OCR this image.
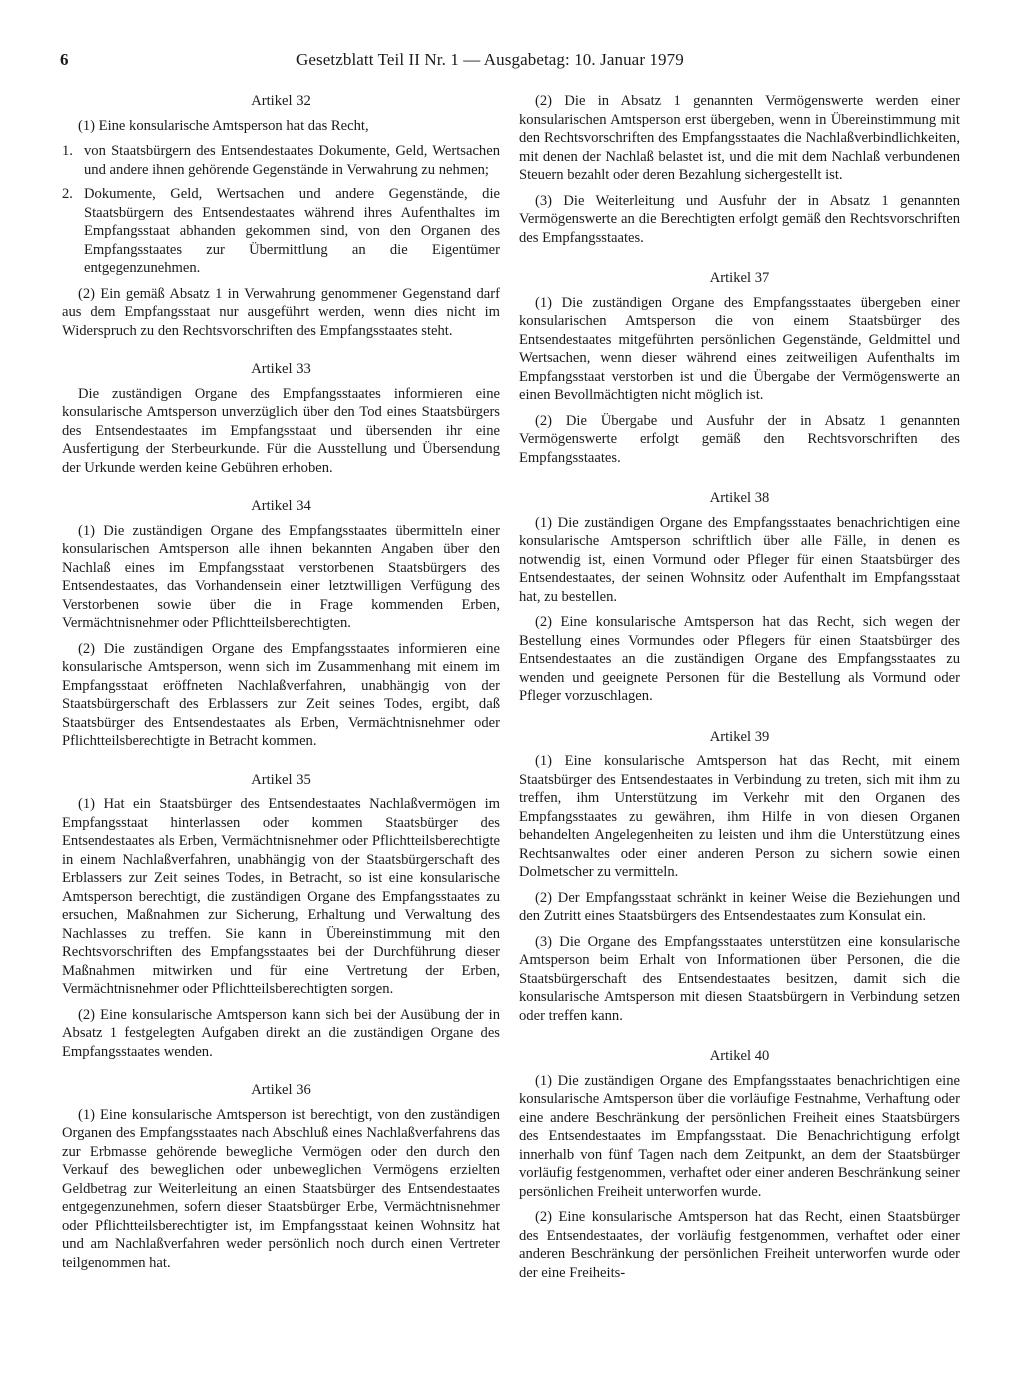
6	Gesetzblatt Teil II Nr. 1 — Ausgabetag: 10. Januar 1979
Artikel 32

(1) Eine konsularische Amtsperson hat das Recht,

1. von Staatsbürgern des Entsendestaates Dokumente, Geld, Wertsachen und andere ihnen gehörende Gegenstände in Verwahrung zu nehmen;
2. Dokumente, Geld, Wertsachen und andere Gegenstände, die Staatsbürgern des Entsendestaates während ihres Aufenthaltes im Empfangsstaat abhanden gekommen sind, von den Organen des Empfangsstaates zur Übermittlung an die Eigentümer entgegenzunehmen.

(2) Ein gemäß Absatz 1 in Verwahrung genommener Gegenstand darf aus dem Empfangsstaat nur ausgeführt werden, wenn dies nicht im Widerspruch zu den Rechtsvorschriften des Empfangsstaates steht.

Artikel 33

Die zuständigen Organe des Empfangsstaates informieren eine konsularische Amtsperson unverzüglich über den Tod eines Staatsbürgers des Entsendestaates im Empfangsstaat und übersenden ihr eine Ausfertigung der Sterbeurkunde. Für die Ausstellung und Übersendung der Urkunde werden keine Gebühren erhoben.

Artikel 34

(1) Die zuständigen Organe des Empfangsstaates übermitteln einer konsularischen Amtsperson alle ihnen bekannten Angaben über den Nachlaß eines im Empfangsstaat verstorbenen Staatsbürgers des Entsendestaates, das Vorhandensein einer letztwilligen Verfügung des Verstorbenen sowie über die in Frage kommenden Erben, Vermächtnisnehmer oder Pflichtteilsberechtigten.

(2) Die zuständigen Organe des Empfangsstaates informieren eine konsularische Amtsperson, wenn sich im Zusammenhang mit einem im Empfangsstaat eröffneten Nachlaßverfahren, unabhängig von der Staatsbürgerschaft des Erblassers zur Zeit seines Todes, ergibt, daß Staatsbürger des Entsendestaates als Erben, Vermächtnisnehmer oder Pflichtteilsberechtigte in Betracht kommen.

Artikel 35

(1) Hat ein Staatsbürger des Entsendestaates Nachlaßvermögen im Empfangsstaat hinterlassen oder kommen Staatsbürger des Entsendestaates als Erben, Vermächtnisnehmer oder Pflichtteilsberechtigte in einem Nachlaßverfahren, unabhängig von der Staatsbürgerschaft des Erblassers zur Zeit seines Todes, in Betracht, so ist eine konsularische Amtsperson berechtigt, die zuständigen Organe des Empfangsstaates zu ersuchen, Maßnahmen zur Sicherung, Erhaltung und Verwaltung des Nachlasses zu treffen. Sie kann in Übereinstimmung mit den Rechtsvorschriften des Empfangsstaates bei der Durchführung dieser Maßnahmen mitwirken und für eine Vertretung der Erben, Vermächtnisnehmer oder Pflichtteilsberechtigten sorgen.

(2) Eine konsularische Amtsperson kann sich bei der Ausübung der in Absatz 1 festgelegten Aufgaben direkt an die zuständigen Organe des Empfangsstaates wenden.

Artikel 36

(1) Eine konsularische Amtsperson ist berechtigt, von den zuständigen Organen des Empfangsstaates nach Abschluß eines Nachlaßverfahrens das zur Erbmasse gehörende bewegliche Vermögen oder den durch den Verkauf des beweglichen oder unbeweglichen Vermögens erzielten Geldbetrag zur Weiterleitung an einen Staatsbürger des Entsendestaates entgegenzunehmen, sofern dieser Staatsbürger Erbe, Vermächtnisnehmer oder Pflichtteilsberechtigter ist, im Empfangsstaat keinen Wohnsitz hat und am Nachlaßverfahren weder persönlich noch durch einen Vertreter teilgenommen hat.

(2) Die in Absatz 1 genannten Vermögenswerte werden einer konsularischen Amtsperson erst übergeben, wenn in Übereinstimmung mit den Rechtsvorschriften des Empfangsstaates die Nachlaßverbindlichkeiten, mit denen der Nachlaß belastet ist, und die mit dem Nachlaß verbundenen Steuern bezahlt oder deren Bezahlung sichergestellt ist.

(3) Die Weiterleitung und Ausfuhr der in Absatz 1 genannten Vermögenswerte an die Berechtigten erfolgt gemäß den Rechtsvorschriften des Empfangsstaates.

Artikel 37

(1) Die zuständigen Organe des Empfangsstaates übergeben einer konsularischen Amtsperson die von einem Staatsbürger des Entsendestaates mitgeführten persönlichen Gegenstände, Geldmittel und Wertsachen, wenn dieser während eines zeitweiligen Aufenthalts im Empfangsstaat verstorben ist und die Übergabe der Vermögenswerte an einen Bevollmächtigten nicht möglich ist.

(2) Die Übergabe und Ausfuhr der in Absatz 1 genannten Vermögenswerte erfolgt gemäß den Rechtsvorschriften des Empfangsstaates.

Artikel 38

(1) Die zuständigen Organe des Empfangsstaates benachrichtigen eine konsularische Amtsperson schriftlich über alle Fälle, in denen es notwendig ist, einen Vormund oder Pfleger für einen Staatsbürger des Entsendestaates, der seinen Wohnsitz oder Aufenthalt im Empfangsstaat hat, zu bestellen.

(2) Eine konsularische Amtsperson hat das Recht, sich wegen der Bestellung eines Vormundes oder Pflegers für einen Staatsbürger des Entsendestaates an die zuständigen Organe des Empfangsstaates zu wenden und geeignete Personen für die Bestellung als Vormund oder Pfleger vorzuschlagen.

Artikel 39

(1) Eine konsularische Amtsperson hat das Recht, mit einem Staatsbürger des Entsendestaates in Verbindung zu treten, sich mit ihm zu treffen, ihm Unterstützung im Verkehr mit den Organen des Empfangsstaates zu gewähren, ihm Hilfe in von diesen Organen behandelten Angelegenheiten zu leisten und ihm die Unterstützung eines Rechtsanwaltes oder einer anderen Person zu sichern sowie einen Dolmetscher zu vermitteln.

(2) Der Empfangsstaat schränkt in keiner Weise die Beziehungen und den Zutritt eines Staatsbürgers des Entsendestaates zum Konsulat ein.

(3) Die Organe des Empfangsstaates unterstützen eine konsularische Amtsperson beim Erhalt von Informationen über Personen, die die Staatsbürgerschaft des Entsendestaates besitzen, damit sich die konsularische Amtsperson mit diesen Staatsbürgern in Verbindung setzen oder treffen kann.

Artikel 40

(1) Die zuständigen Organe des Empfangsstaates benachrichtigen eine konsularische Amtsperson über die vorläufige Festnahme, Verhaftung oder eine andere Beschränkung der persönlichen Freiheit eines Staatsbürgers des Entsendestaates im Empfangsstaat. Die Benachrichtigung erfolgt innerhalb von fünf Tagen nach dem Zeitpunkt, an dem der Staatsbürger vorläufig festgenommen, verhaftet oder einer anderen Beschränkung seiner persönlichen Freiheit unterworfen wurde.

(2) Eine konsularische Amtsperson hat das Recht, einen Staatsbürger des Entsendestaates, der vorläufig festgenommen, verhaftet oder einer anderen Beschränkung der persönlichen Freiheit unterworfen wurde oder der eine Freiheits-
